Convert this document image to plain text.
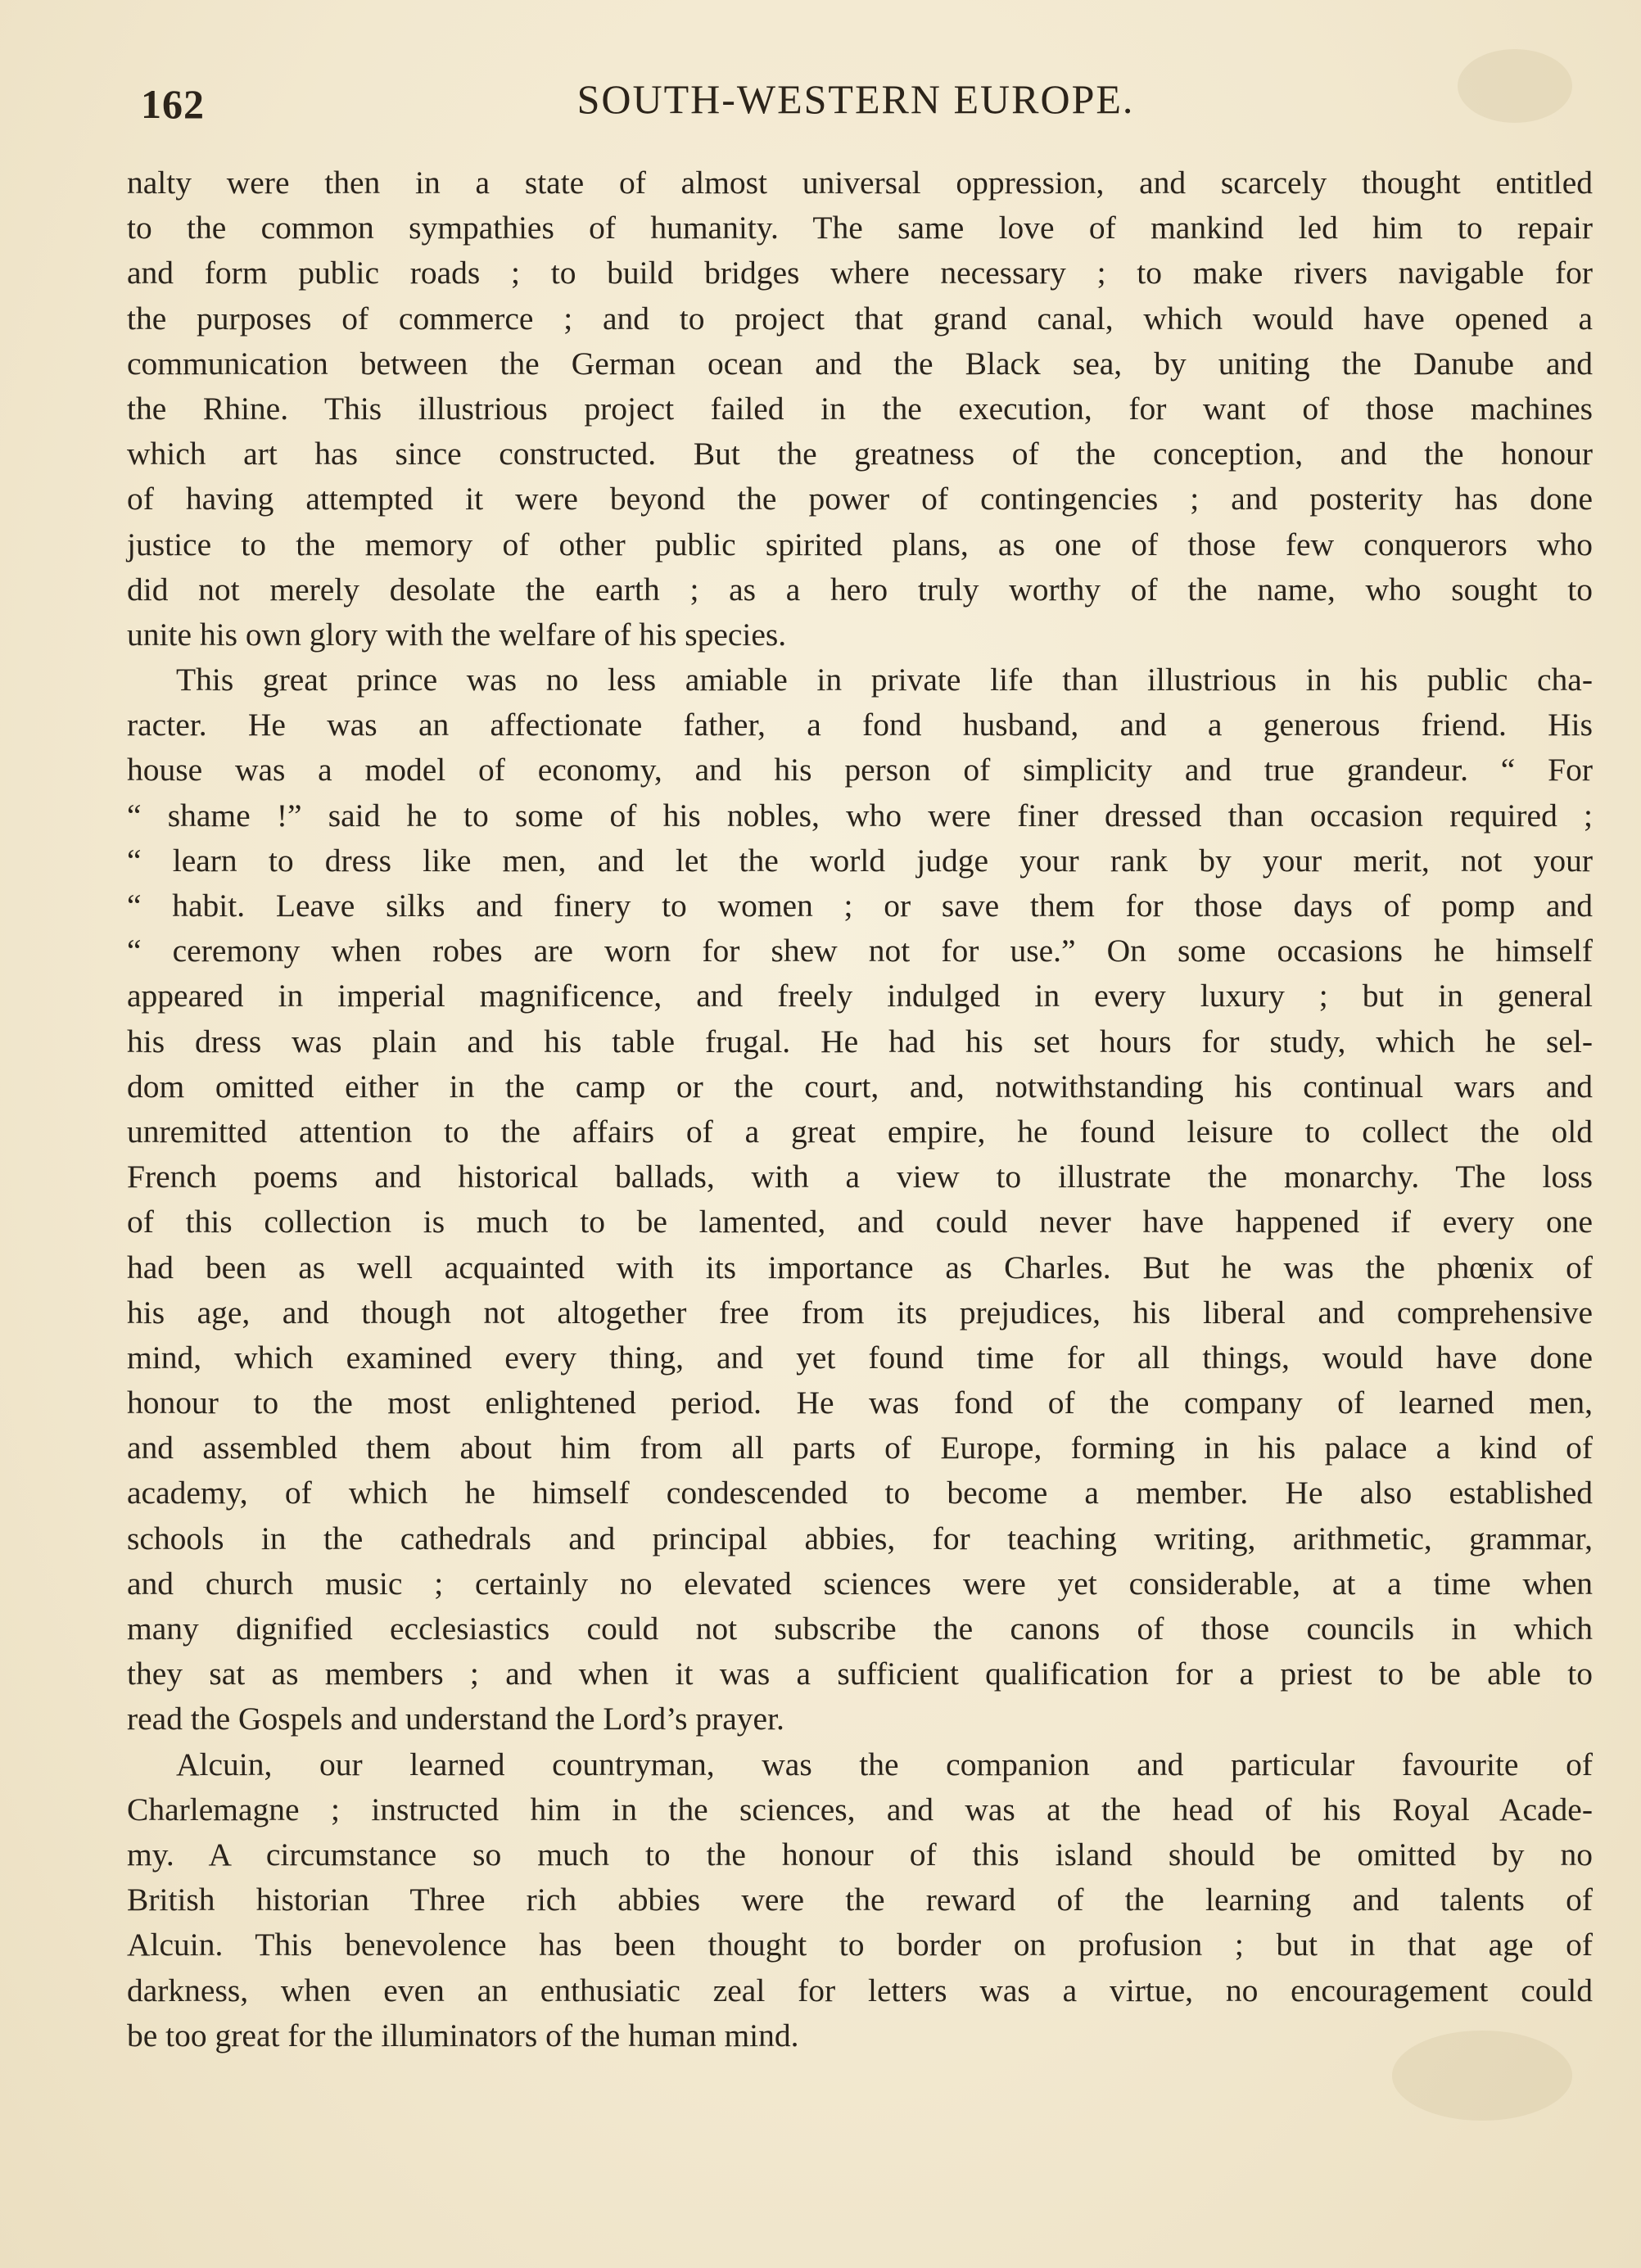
162	SOUTH-WESTERN EUROPE.

nalty were then in a state of almost universal oppression, and scarcely thought entitled
to the common sympathies of humanity. The same love of mankind led him to repair
and form public roads ; to build bridges where necessary ; to make rivers navigable for
the purposes of commerce ; and to project that grand canal, which would have opened a
communication between the German ocean and the Black sea, by uniting the Danube and
the Rhine. This illustrious project failed in the execution, for want of those machines
which art has since constructed. But the greatness of the conception, and the honour
of having attempted it were beyond the power of contingencies ; and posterity has done
justice to the memory of other public spirited plans, as one of those few conquerors who
did not merely desolate the earth ; as a hero truly worthy of the name, who sought to
unite his own glory with the welfare of his species.

This great prince was no less amiable in private life than illustrious in his public cha-
racter. He was an affectionate father, a fond husband, and a generous friend. His
house was a model of economy, and his person of simplicity and true grandeur. “ For
“ shame !” said he to some of his nobles, who were finer dressed than occasion required ;
“ learn to dress like men, and let the world judge your rank by your merit, not your
“ habit. Leave silks and finery to women ; or save them for those days of pomp and
“ ceremony when robes are worn for shew not for use.” On some occasions he himself
appeared in imperial magnificence, and freely indulged in every luxury ; but in general
his dress was plain and his table frugal. He had his set hours for study, which he sel-
dom omitted either in the camp or the court, and, notwithstanding his continual wars and
unremitted attention to the affairs of a great empire, he found leisure to collect the old
French poems and historical ballads, with a view to illustrate the monarchy. The loss
of this collection is much to be lamented, and could never have happened if every one
had been as well acquainted with its importance as Charles. But he was the phœnix of
his age, and though not altogether free from its prejudices, his liberal and comprehensive
mind, which examined every thing, and yet found time for all things, would have done
honour to the most enlightened period. He was fond of the company of learned men,
and assembled them about him from all parts of Europe, forming in his palace a kind of
academy, of which he himself condescended to become a member. He also established
schools in the cathedrals and principal abbies, for teaching writing, arithmetic, grammar,
and church music ; certainly no elevated sciences were yet considerable, at a time when
many dignified ecclesiastics could not subscribe the canons of those councils in which
they sat as members ; and when it was a sufficient qualification for a priest to be able to
read the Gospels and understand the Lord’s prayer.

Alcuin, our learned countryman, was the companion and particular favourite of
Charlemagne ; instructed him in the sciences, and was at the head of his Royal Acade-
my. A circumstance so much to the honour of this island should be omitted by no
British historian Three rich abbies were the reward of the learning and talents of
Alcuin. This benevolence has been thought to border on profusion ; but in that age of
darkness, when even an enthusiatic zeal for letters was a virtue, no encouragement could
be too great for the illuminators of the human mind.
